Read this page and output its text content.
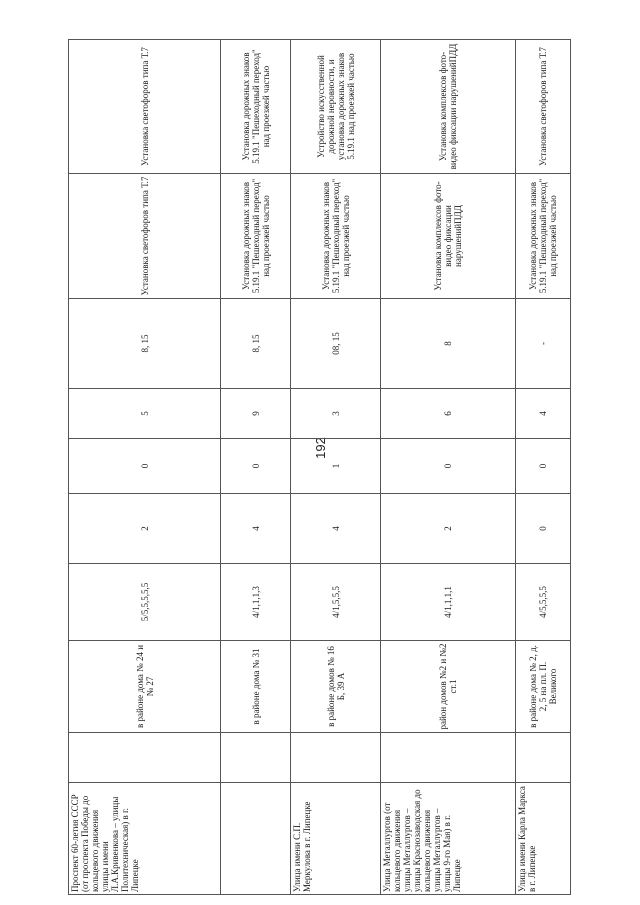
192
Проспект 60-летия СССР (от проспекта Победы до кольцевого движения улицы имени Л.А.Кривенкова – улицы Политехническая) в г. Липецке		в районе дома № 24 и № 27	5/5,5,5,5,5	2	0	5	8, 15	Установка светофоров типа Т.7	Установка светофоров типа Т.7
		в районе дома № 31	4/1,1,1,3	4	0	9	8, 15	Установка дорожных знаков 5.19.1 "Пешеходный переход" над проезжей частью	Установка дорожных знаков 5.19.1 "Пешеходный переход" над проезжей частью
Улица имени С.П. Меркулова в г. Липецке		в районе домов № 16 Б, 39 А	4/1,5,5,5	4	1	3	08, 15	Установка дорожных знаков 5.19.1 "Пешеходный переход" над проезжей частью	Устройство искусственной дорожной неровности, и установка дорожных знаков 5.19.1 над проезжей частью
Улица Металлургов (от кольцевого движения улицы Металлургов – улицы Краснозаводская до кольцевого движения улицы Металлургов – улицы 9-го Мая) в г. Липецке		район домов №2 и №2 ст.1	4/1,1,1,1	2	0	6	8	Установка комплексов фото-видео фиксации нарушенийПДД	Установка комплексов фото-видео фиксации нарушенийПДД
Улица имени Карла Маркса в г. Липецке		в районе дома № 2, д. 2, 5 на пл. П. Великого	4/5,5,5,5	0	0	4	-	Установка дорожных знаков 5.19.1 "Пешеходный переход" над проезжей частью	Установка светофоров типа Т.7
